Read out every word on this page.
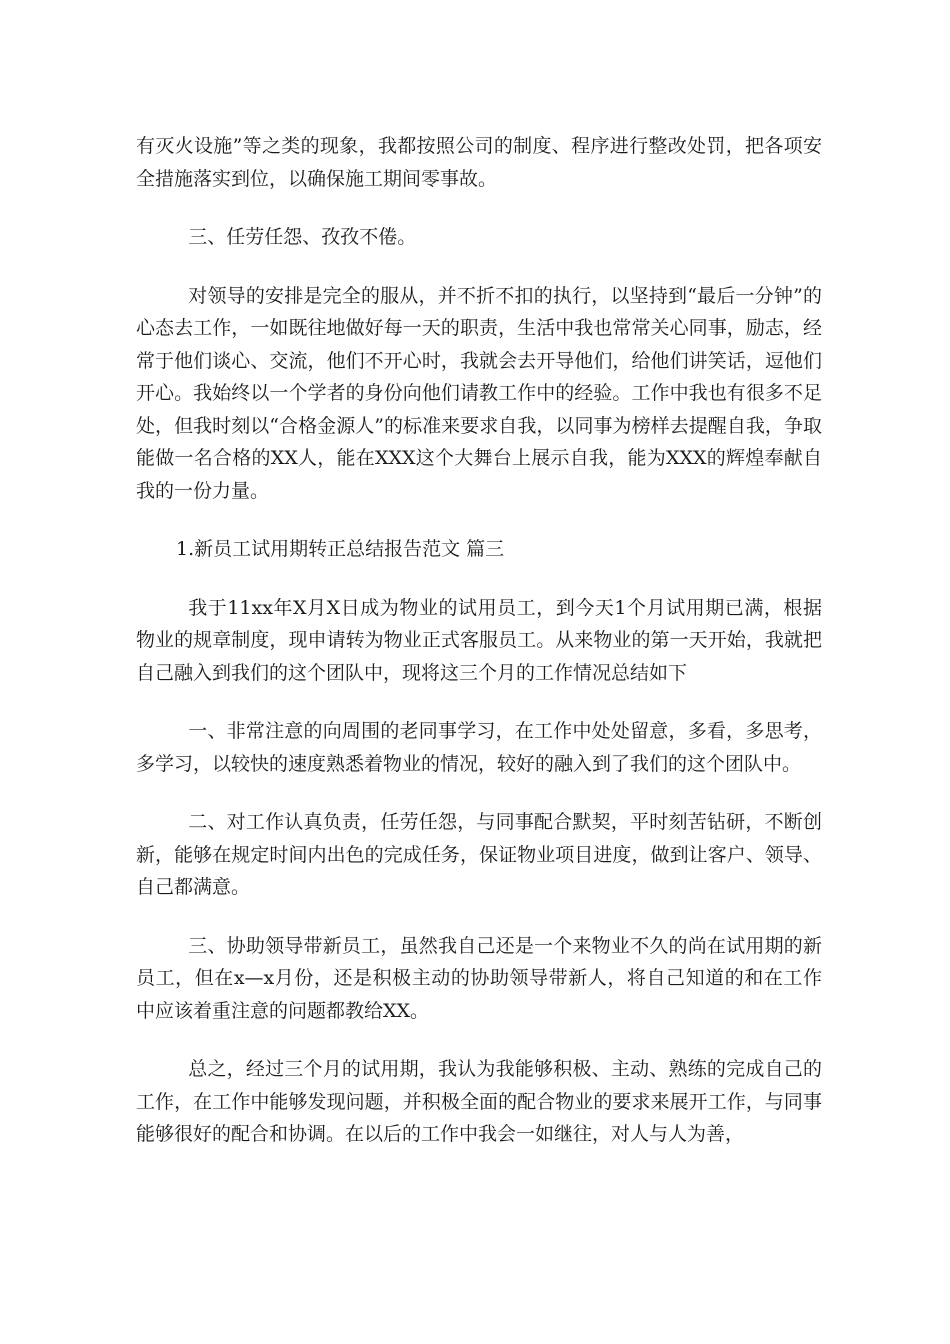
有灭火设施”等之类的现象，我都按照公司的制度、程序进行整改处罚，把各项安全措施落实到位，以确保施工期间零事故。

三、任劳任怨、孜孜不倦。

对领导的安排是完全的服从，并不折不扣的执行，以坚持到“最后一分钟”的心态去工作，一如既往地做好每一天的职责，生活中我也常常关心同事，励志，经常于他们谈心、交流，他们不开心时，我就会去开导他们，给他们讲笑话，逗他们开心。我始终以一个学者的身份向他们请教工作中的经验。工作中我也有很多不足处，但我时刻以“合格金源人”的标准来要求自我，以同事为榜样去提醒自我，争取能做一名合格的XX人，能在XXX这个大舞台上展示自我，能为XXX的辉煌奉献自我的一份力量。

1.新员工试用期转正总结报告范文 篇三

我于11xx年X月X日成为物业的试用员工，到今天1个月试用期已满，根据物业的规章制度，现申请转为物业正式客服员工。从来物业的第一天开始，我就把自己融入到我们的这个团队中，现将这三个月的工作情况总结如下

一、非常注意的向周围的老同事学习，在工作中处处留意，多看，多思考，多学习，以较快的速度熟悉着物业的情况，较好的融入到了我们的这个团队中。

二、对工作认真负责，任劳任怨，与同事配合默契，平时刻苦钻研，不断创新，能够在规定时间内出色的完成任务，保证物业项目进度，做到让客户、领导、自己都满意。

三、协助领导带新员工，虽然我自己还是一个来物业不久的尚在试用期的新员工，但在x—x月份，还是积极主动的协助领导带新人，将自己知道的和在工作中应该着重注意的问题都教给XX。

总之，经过三个月的试用期，我认为我能够积极、主动、熟练的完成自己的工作，在工作中能够发现问题，并积极全面的配合物业的要求来展开工作，与同事能够很好的配合和协调。在以后的工作中我会一如继往，对人与人为善，
